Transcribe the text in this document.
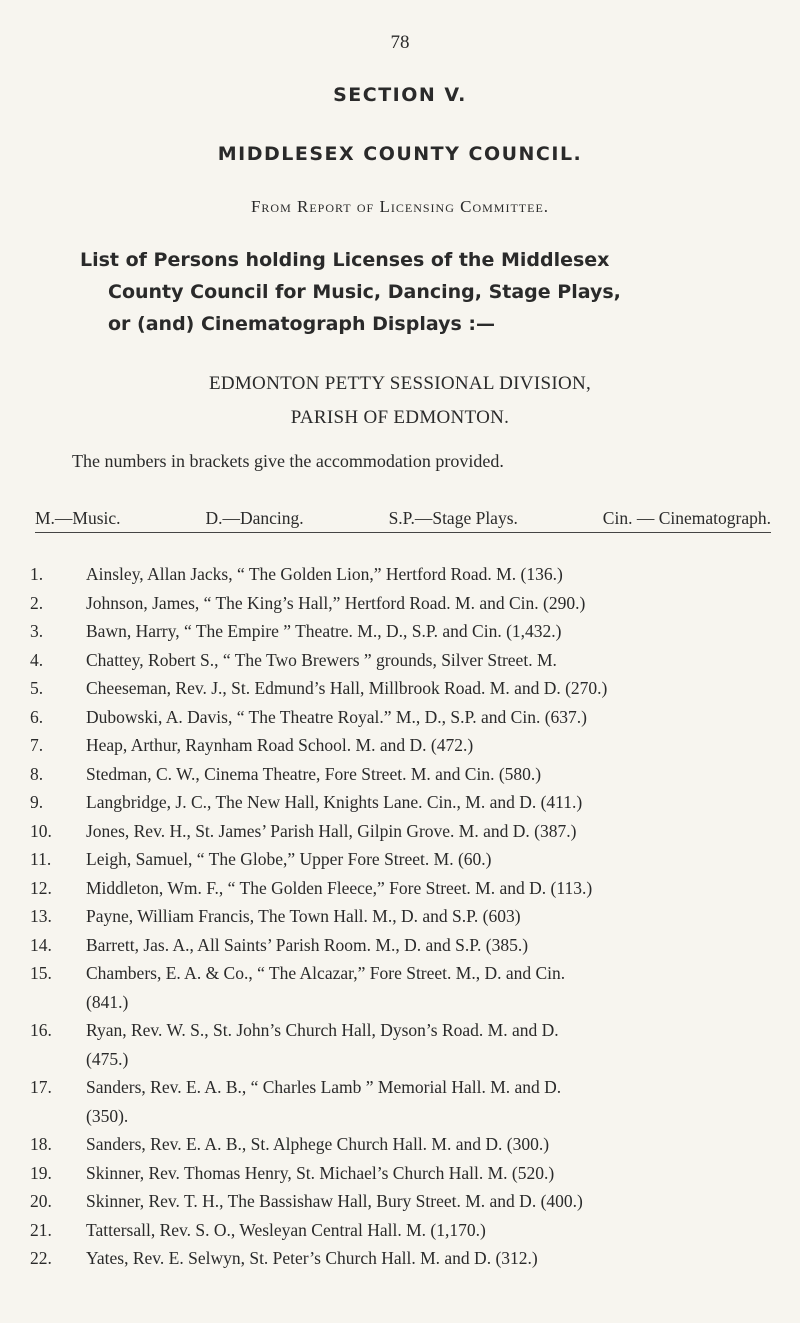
78
SECTION V.
MIDDLESEX COUNTY COUNCIL.
From Report of Licensing Committee.
List of Persons holding Licenses of the Middlesex
County Council for Music, Dancing, Stage Plays,
or (and) Cinematograph Displays :—
EDMONTON PETTY SESSIONAL DIVISION,
PARISH OF EDMONTON.
The numbers in brackets give the accommodation provided.
M.—Music.	D.—Dancing.	S.P.—Stage Plays.	Cin. — Cinematograph.
1.	Ainsley, Allan Jacks, “ The Golden Lion,” Hertford Road. M. (136.)
2.	Johnson, James, “ The King’s Hall,” Hertford Road. M. and Cin. (290.)
3.	Bawn, Harry, “ The Empire ” Theatre. M., D., S.P. and Cin. (1,432.)
4.	Chattey, Robert S., “ The Two Brewers ” grounds, Silver Street. M.
5.	Cheeseman, Rev. J., St. Edmund’s Hall, Millbrook Road. M. and D. (270.)
6.	Dubowski, A. Davis, “ The Theatre Royal.” M., D., S.P. and Cin. (637.)
7.	Heap, Arthur, Raynham Road School. M. and D. (472.)
8.	Stedman, C. W., Cinema Theatre, Fore Street. M. and Cin. (580.)
9.	Langbridge, J. C., The New Hall, Knights Lane. Cin., M. and D. (411.)
10.	Jones, Rev. H., St. James’ Parish Hall, Gilpin Grove. M. and D. (387.)
11.	Leigh, Samuel, “ The Globe,” Upper Fore Street. M. (60.)
12.	Middleton, Wm. F., “ The Golden Fleece,” Fore Street. M. and D. (113.)
13.	Payne, William Francis, The Town Hall. M., D. and S.P. (603)
14.	Barrett, Jas. A., All Saints’ Parish Room. M., D. and S.P. (385.)
15.	Chambers, E. A. & Co., “ The Alcazar,” Fore Street. M., D. and Cin.
(841.)
16.	Ryan, Rev. W. S., St. John’s Church Hall, Dyson’s Road. M. and D.
(475.)
17.	Sanders, Rev. E. A. B., “ Charles Lamb ” Memorial Hall. M. and D.
(350).
18.	Sanders, Rev. E. A. B., St. Alphege Church Hall. M. and D. (300.)
19.	Skinner, Rev. Thomas Henry, St. Michael’s Church Hall. M. (520.)
20.	Skinner, Rev. T. H., The Bassishaw Hall, Bury Street. M. and D. (400.)
21.	Tattersall, Rev. S. O., Wesleyan Central Hall. M. (1,170.)
22.	Yates, Rev. E. Selwyn, St. Peter’s Church Hall. M. and D. (312.)
